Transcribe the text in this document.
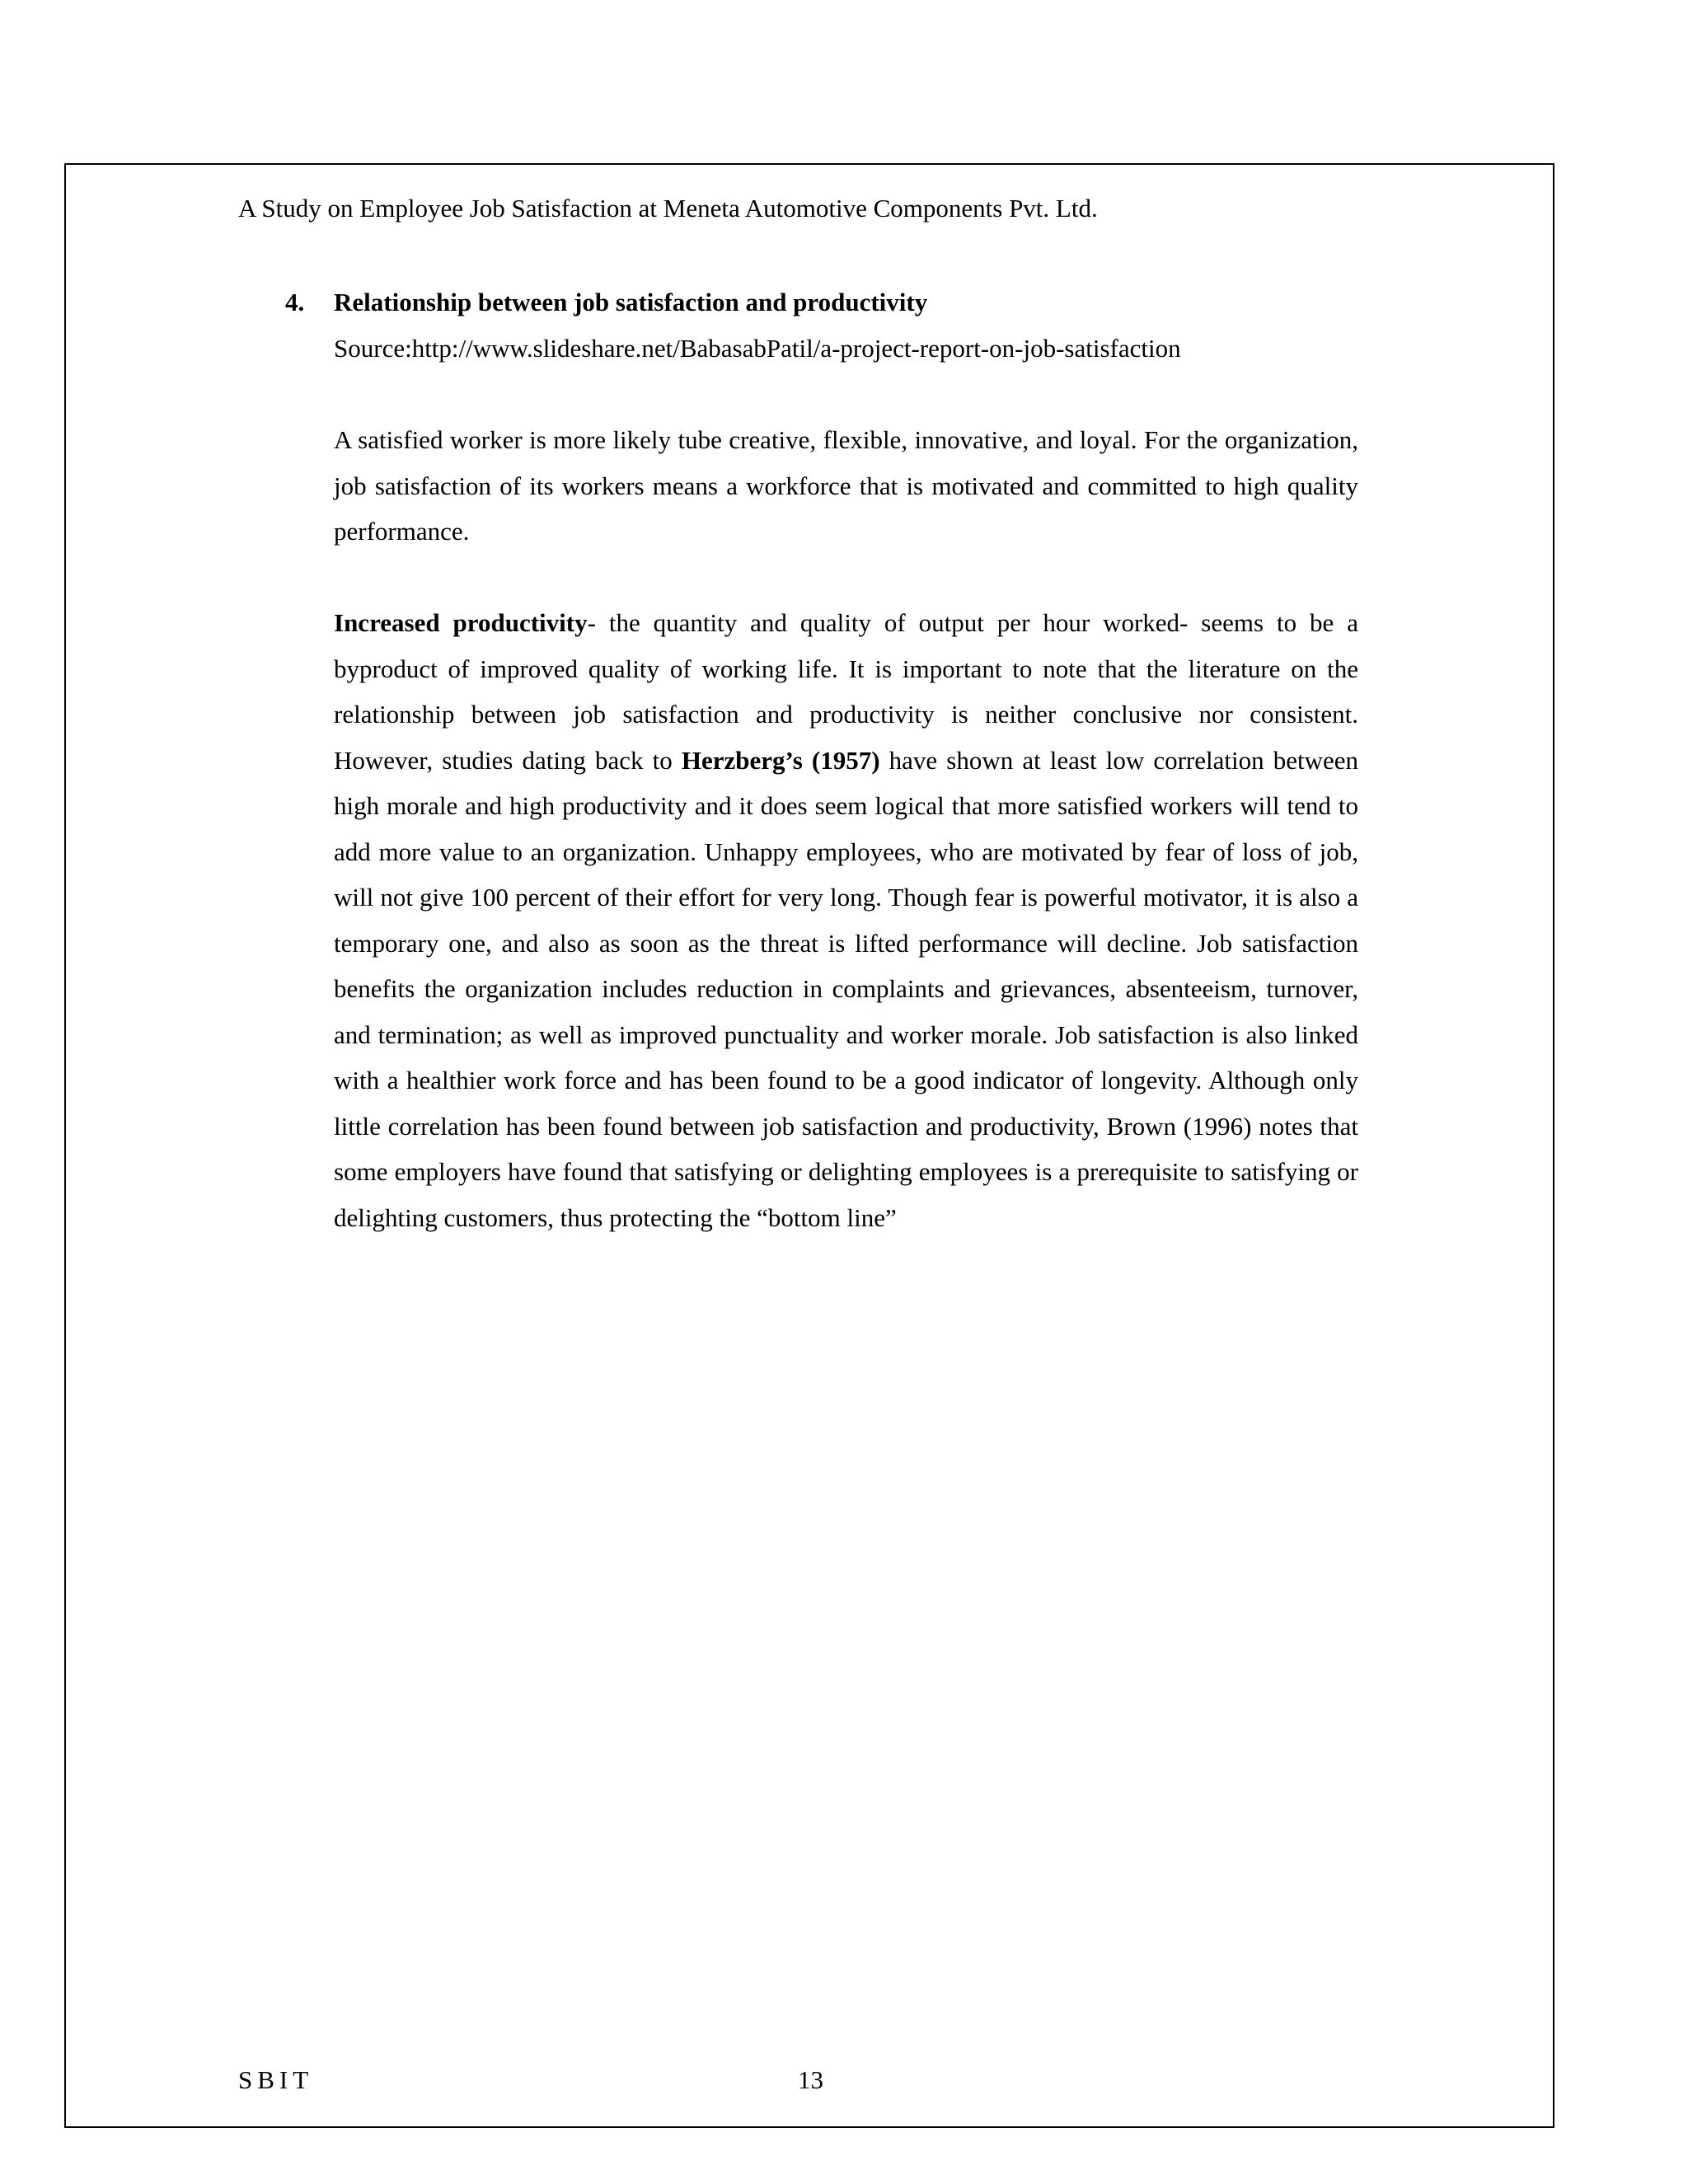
A Study on Employee Job Satisfaction at Meneta Automotive Components Pvt. Ltd.
4. Relationship between job satisfaction and productivity
Source:http://www.slideshare.net/BabasabPatil/a-project-report-on-job-satisfaction

A satisfied worker is more likely tube creative, flexible, innovative, and loyal. For the organization, job satisfaction of its workers means a workforce that is motivated and committed to high quality performance.

Increased productivity- the quantity and quality of output per hour worked- seems to be a byproduct of improved quality of working life. It is important to note that the literature on the relationship between job satisfaction and productivity is neither conclusive nor consistent. However, studies dating back to Herzberg’s (1957) have shown at least low correlation between high morale and high productivity and it does seem logical that more satisfied workers will tend to add more value to an organization. Unhappy employees, who are motivated by fear of loss of job, will not give 100 percent of their effort for very long. Though fear is powerful motivator, it is also a temporary one, and also as soon as the threat is lifted performance will decline. Job satisfaction benefits the organization includes reduction in complaints and grievances, absenteeism, turnover, and termination; as well as improved punctuality and worker morale. Job satisfaction is also linked with a healthier work force and has been found to be a good indicator of longevity. Although only little correlation has been found between job satisfaction and productivity, Brown (1996) notes that some employers have found that satisfying or delighting employees is a prerequisite to satisfying or delighting customers, thus protecting the “bottom line”

SBIT	13
